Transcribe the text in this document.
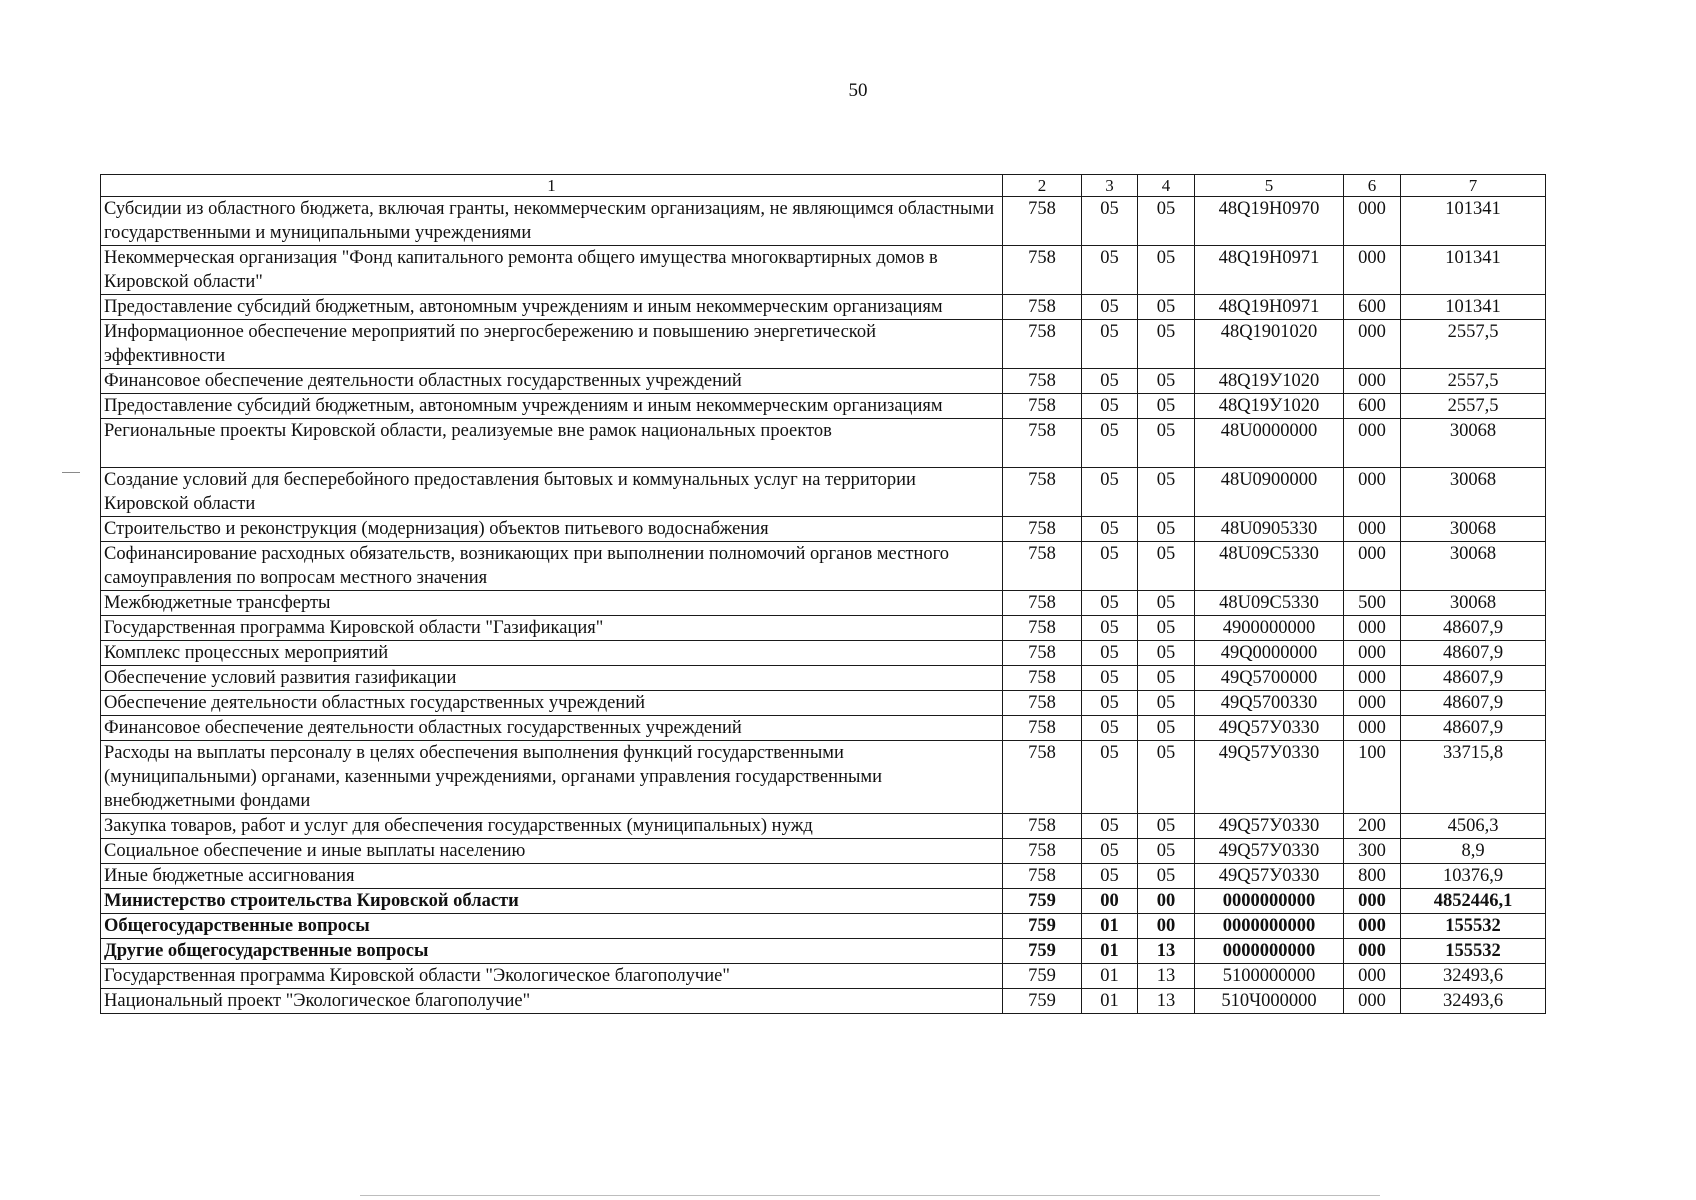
50
1	2	3	4	5	6	7
Субсидии из областного бюджета, включая гранты, некоммерческим организациям, не являющимся областными государственными и муниципальными учреждениями	758	05	05	48Q19H0970	000	101341
Некоммерческая организация "Фонд капитального ремонта общего имущества многоквартирных домов в Кировской области"	758	05	05	48Q19H0971	000	101341
Предоставление субсидий бюджетным, автономным учреждениям и иным некоммерческим организациям	758	05	05	48Q19H0971	600	101341
Информационное обеспечение мероприятий по энергосбережению и повышению энергетической эффективности	758	05	05	48Q1901020	000	2557,5
Финансовое обеспечение деятельности областных государственных учреждений	758	05	05	48Q19У1020	000	2557,5
Предоставление субсидий бюджетным, автономным учреждениям и иным некоммерческим организациям	758	05	05	48Q19У1020	600	2557,5
Региональные проекты Кировской области, реализуемые вне рамок национальных проектов	758	05	05	48U0000000	000	30068
Создание условий для бесперебойного предоставления бытовых и коммунальных услуг на территории Кировской области	758	05	05	48U0900000	000	30068
Строительство и реконструкция (модернизация) объектов питьевого водоснабжения	758	05	05	48U0905330	000	30068
Софинансирование расходных обязательств, возникающих при выполнении полномочий органов местного самоуправления по вопросам местного значения	758	05	05	48U09C5330	000	30068
Межбюджетные трансферты	758	05	05	48U09C5330	500	30068
Государственная программа Кировской области "Газификация"	758	05	05	4900000000	000	48607,9
Комплекс процессных мероприятий	758	05	05	49Q0000000	000	48607,9
Обеспечение условий развития газификации	758	05	05	49Q5700000	000	48607,9
Обеспечение деятельности областных государственных учреждений	758	05	05	49Q5700330	000	48607,9
Финансовое обеспечение деятельности областных государственных учреждений	758	05	05	49Q57У0330	000	48607,9
Расходы на выплаты персоналу в целях обеспечения выполнения функций государственными (муниципальными) органами, казенными учреждениями, органами управления государственными внебюджетными фондами	758	05	05	49Q57У0330	100	33715,8
Закупка товаров, работ и услуг для обеспечения государственных (муниципальных) нужд	758	05	05	49Q57У0330	200	4506,3
Социальное обеспечение и иные выплаты населению	758	05	05	49Q57У0330	300	8,9
Иные бюджетные ассигнования	758	05	05	49Q57У0330	800	10376,9
Министерство строительства Кировской области	759	00	00	0000000000	000	4852446,1
Общегосударственные вопросы	759	01	00	0000000000	000	155532
Другие общегосударственные вопросы	759	01	13	0000000000	000	155532
Государственная программа Кировской области "Экологическое благополучие"	759	01	13	5100000000	000	32493,6
Национальный проект "Экологическое благополучие"	759	01	13	510Ч000000	000	32493,6
